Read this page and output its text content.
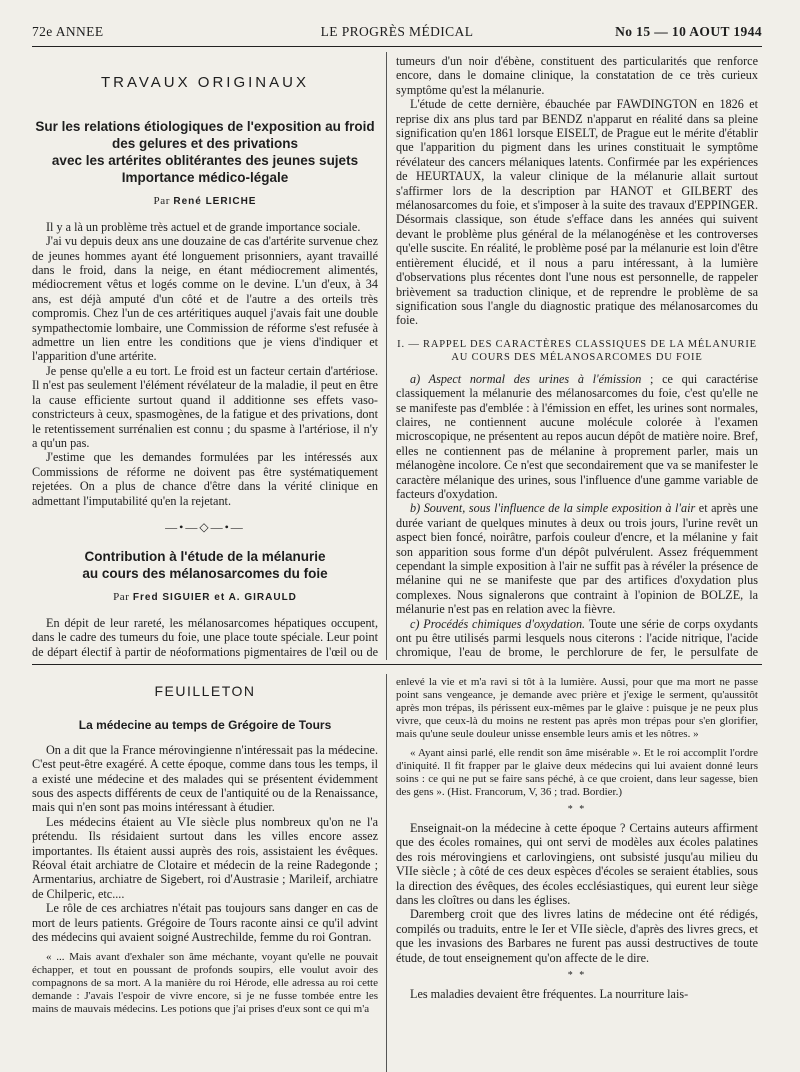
72e ANNEE	LE PROGRÈS MÉDICAL	No 15 — 10 AOUT 1944
TRAVAUX ORIGINAUX
Sur les relations étiologiques de l'exposition au froid
des gelures et des privations
avec les artérites oblitérantes des jeunes sujets
Importance médico-légale
Par René LERICHE

Il y a là un problème très actuel et de grande importance sociale.

J'ai vu depuis deux ans une douzaine de cas d'artérite survenue chez de jeunes hommes ayant été longuement prisonniers, ayant travaillé dans le froid, dans la neige, en étant médiocrement alimentés, médiocrement vêtus et logés comme on le devine. L'un d'eux, à 34 ans, est déjà amputé d'un côté et de l'autre a des orteils très compromis. Chez l'un de ces artéritiques auquel j'avais fait une double sympathectomie lombaire, une Commission de réforme s'est refusée à admettre un lien entre les conditions que je viens d'indiquer et l'apparition d'une artérite.

Je pense qu'elle a eu tort. Le froid est un facteur certain d'artériose. Il n'est pas seulement l'élément révélateur de la maladie, il peut en être la cause efficiente surtout quand il additionne ses effets vaso-constricteurs à ceux, spasmogènes, de la fatigue et des privations, dont le retentissement surrénalien est connu ; du spasme à l'artériose, il n'y a qu'un pas.

J'estime que les demandes formulées par les intéressés aux Commissions de réforme ne doivent pas être systématiquement rejetées. On a plus de chance d'être dans la vérité clinique en admettant l'imputabilité qu'en la rejetant.

—•—◇—•—
Contribution à l'étude de la mélanurie
au cours des mélanosarcomes du foie
Par Fred SIGUIER et A. GIRAULD

En dépit de leur rareté, les mélanosarcomes hépatiques occupent, dans le cadre des tumeurs du foie, une place toute spéciale. Leur point de départ électif à partir de néoformations pigmentaires de l'œil ou de

tumeurs d'un noir d'ébène, constituent des particularités que renforce encore, dans le domaine clinique, la constatation de ce très curieux symptôme qu'est la mélanurie.

L'étude de cette dernière, ébauchée par FAWDINGTON en 1826 et reprise dix ans plus tard par BENDZ n'apparut en réalité dans sa pleine signification qu'en 1861 lorsque EISELT, de Prague eut le mérite d'établir que l'apparition du pigment dans les urines constituait le symptôme révélateur des cancers mélaniques latents. Confirmée par les expériences de HEURTAUX, la valeur clinique de la mélanurie allait surtout s'affirmer lors de la description par HANOT et GILBERT des mélanosarcomes du foie, et s'imposer à la suite des travaux d'EPPINGER. Désormais classique, son étude s'efface dans les années qui suivent devant le problème plus général de la mélanogénèse et les controverses qu'elle suscite. En réalité, le problème posé par la mélanurie est loin d'être entièrement élucidé, et il nous a paru intéressant, à la lumière d'observations plus récentes dont l'une nous est personnelle, de rappeler brièvement sa traduction clinique, et de reprendre le problème de sa signification sous l'angle du diagnostic pratique des mélanosarcomes du foie.

I. — RAPPEL DES CARACTÈRES CLASSIQUES DE LA MÉLANURIE AU COURS DES MÉLANOSARCOMES DU FOIE

a) Aspect normal des urines à l'émission ; ce qui caractérise classiquement la mélanurie des mélanosarcomes du foie, c'est qu'elle ne se manifeste pas d'emblée : à l'émission en effet, les urines sont normales, claires, ne contiennent aucune molécule colorée à l'examen microscopique, ne présentent au repos aucun dépôt de matière noire. Bref, elles ne contiennent pas de mélanine à proprement parler, mais un mélanogène incolore. Ce n'est que secondairement que va se manifester le caractère mélanique des urines, sous l'influence d'une gamme variable de facteurs d'oxydation.

b) Souvent, sous l'influence de la simple exposition à l'air et après une durée variant de quelques minutes à deux ou trois jours, l'urine revêt un aspect bien foncé, noirâtre, parfois couleur d'encre, et la mélanine y fait son apparition sous forme d'un dépôt pulvérulent. Assez fréquemment cependant la simple exposition à l'air ne suffit pas à révéler la présence de mélanine qui ne se manifeste que par des artifices d'oxydation plus complexes. Nous signalerons que contraint à l'opinion de BOLZE, la mélanurie n'est pas en relation avec la fièvre.

c) Procédés chimiques d'oxydation. Toute une série de corps oxydants ont pu être utilisés parmi lesquels nous citerons : l'acide nitrique, l'acide chromique, l'eau de brome, le perchlorure de fer, le persulfate de

FEUILLETON
La médecine au temps de Grégoire de Tours

On a dit que la France mérovingienne n'intéressait pas la médecine. C'est peut-être exagéré. A cette époque, comme dans tous les temps, il a existé une médecine et des malades qui se présentent évidemment sous des aspects différents de ceux de l'antiquité ou de la Renaissance, mais qui n'en sont pas moins intéressant à étudier.

Les médecins étaient au VIe siècle plus nombreux qu'on ne l'a prétendu. Ils résidaient surtout dans les villes encore assez importantes. Ils étaient aussi auprès des rois, assistaient les évêques. Réoval était archiatre de Clotaire et médecin de la reine Radegonde ; Armentarius, archiatre de Sigebert, roi d'Austrasie ; Marileif, archiatre de Chilperic, etc....

Le rôle de ces archiatres n'était pas toujours sans danger en cas de mort de leurs patients. Grégoire de Tours raconte ainsi ce qu'il advint des médecins qui avaient soigné Austrechilde, femme du roi Gontran.

« ... Mais avant d'exhaler son âme méchante, voyant qu'elle ne pouvait échapper, et tout en poussant de profonds soupirs, elle voulut avoir des compagnons de sa mort. A la manière du roi Hérode, elle adressa au roi cette demande : J'avais l'espoir de vivre encore, si je ne fusse tombée entre les mains de mauvais médecins. Les potions que j'ai prises d'eux sont ce qui m'a

enlevé la vie et m'a ravi si tôt à la lumière. Aussi, pour que ma mort ne passe point sans vengeance, je demande avec prière et j'exige le serment, qu'aussitôt après mon trépas, ils périssent eux-mêmes par le glaive : puisque je ne peux plus vivre, que ceux-là du moins ne restent pas après mon trépas pour s'en glorifier, mais qu'une seule douleur unisse ensemble leurs amis et les nôtres. »

« Ayant ainsi parlé, elle rendit son âme misérable ». Et le roi accomplit l'ordre d'iniquité. Il fit frapper par le glaive deux médecins qui lui avaient donné leurs soins : ce qui ne put se faire sans péché, à ce que croient, dans leur sagesse, bien des gens ». (Hist. Francorum, V, 36 ; trad. Bordier.)

* *

Enseignait-on la médecine à cette époque ? Certains auteurs affirment que des écoles romaines, qui ont servi de modèles aux écoles palatines des rois mérovingiens et carlovingiens, ont subsisté jusqu'au milieu du VIIe siècle ; à côté de ces deux espèces d'écoles se seraient établies, sous la direction des évêques, des écoles ecclésiastiques, qui eurent leur siège dans les cloîtres ou dans les églises.

Daremberg croit que des livres latins de médecine ont été rédigés, compilés ou traduits, entre le Ier et VIIe siècle, d'après des livres grecs, et que les invasions des Barbares ne furent pas aussi destructives de toute étude, de tout enseignement qu'on affecte de le dire.

* *

Les maladies devaient être fréquentes. La nourriture lais-
